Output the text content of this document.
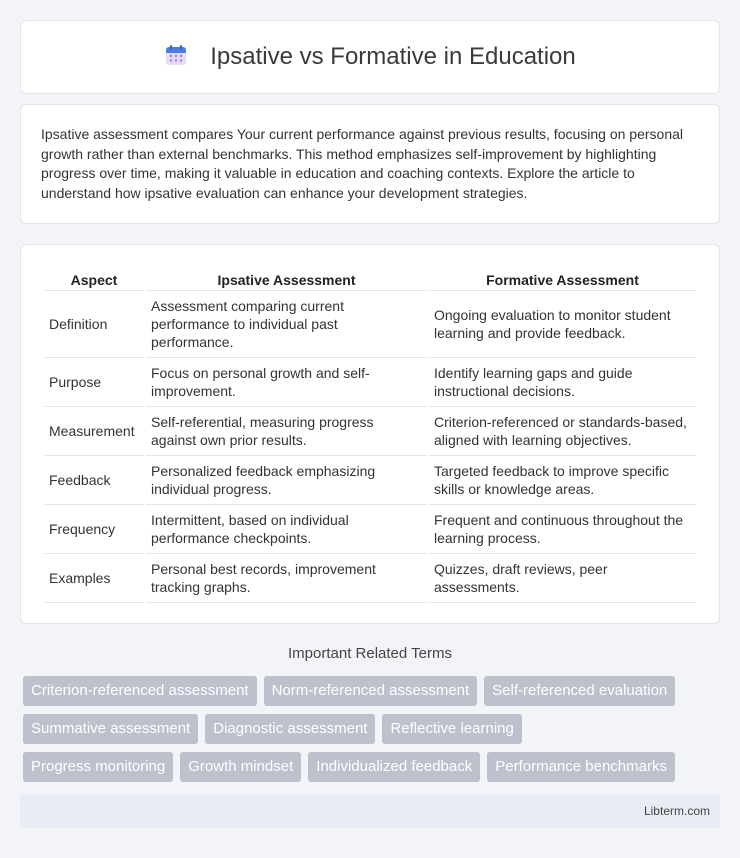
Ipsative vs Formative in Education

Ipsative assessment compares Your current performance against previous results, focusing on personal growth rather than external benchmarks. This method emphasizes self-improvement by highlighting progress over time, making it valuable in education and coaching contexts. Explore the article to understand how ipsative evaluation can enhance your development strategies.

Aspect	Ipsative Assessment	Formative Assessment
Definition	Assessment comparing current performance to individual past performance.	Ongoing evaluation to monitor student learning and provide feedback.
Purpose	Focus on personal growth and self-improvement.	Identify learning gaps and guide instructional decisions.
Measurement	Self-referential, measuring progress against own prior results.	Criterion-referenced or standards-based, aligned with learning objectives.
Feedback	Personalized feedback emphasizing individual progress.	Targeted feedback to improve specific skills or knowledge areas.
Frequency	Intermittent, based on individual performance checkpoints.	Frequent and continuous throughout the learning process.
Examples	Personal best records, improvement tracking graphs.	Quizzes, draft reviews, peer assessments.
Important Related Terms
Criterion-referenced assessment	Norm-referenced assessment	Self-referenced evaluation
Summative assessment	Diagnostic assessment	Reflective learning
Progress monitoring	Growth mindset	Individualized feedback	Performance benchmarks
Libterm.com
